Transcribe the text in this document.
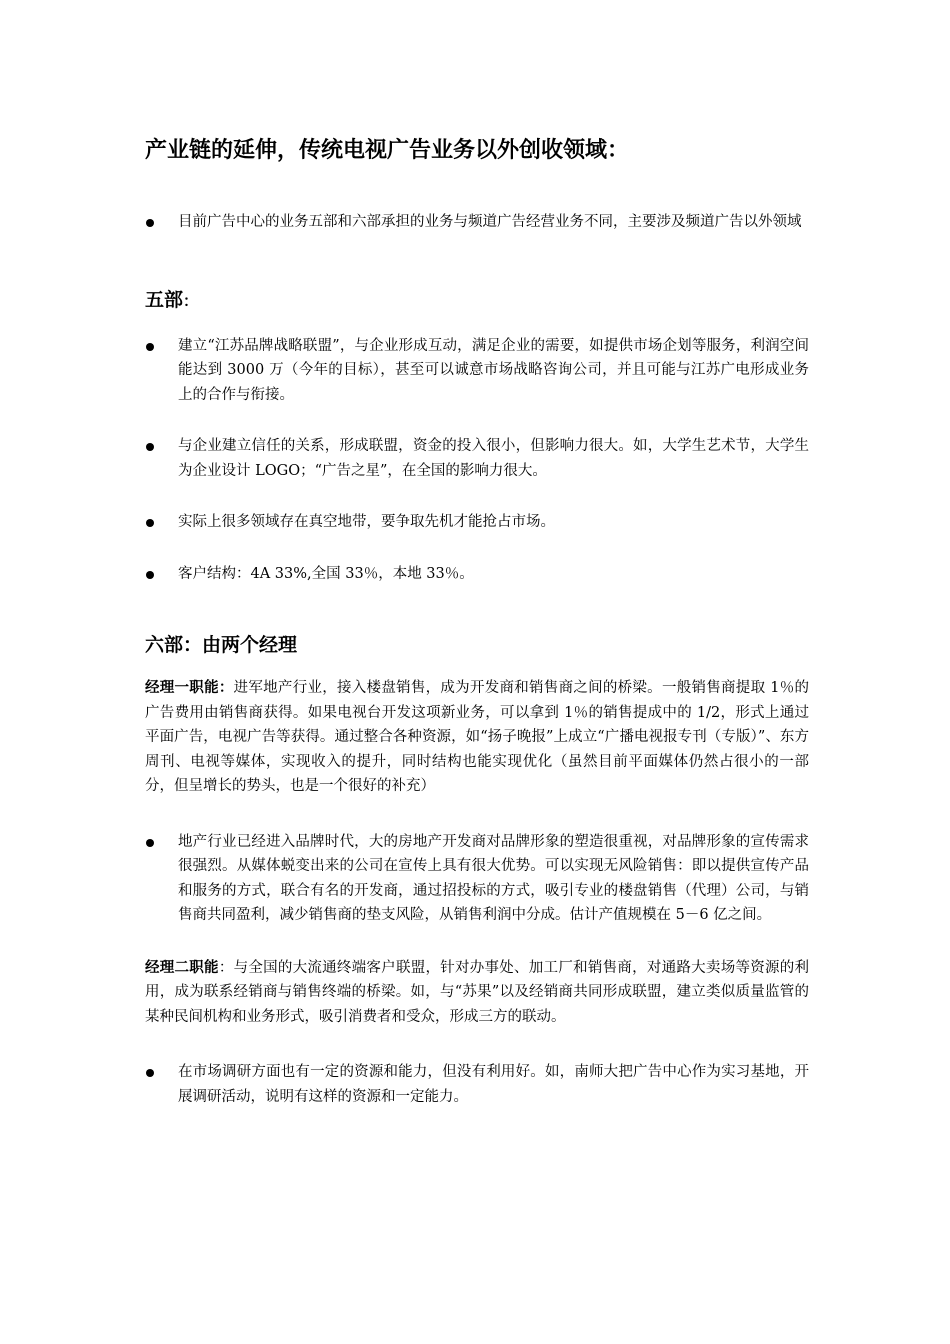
产业链的延伸，传统电视广告业务以外创收领域：
目前广告中心的业务五部和六部承担的业务与频道广告经营业务不同，主要涉及频道广告以外领域
五部：
建立“江苏品牌战略联盟”，与企业形成互动，满足企业的需要，如提供市场企划等服务，利润空间能达到 3000 万（今年的目标），甚至可以诚意市场战略咨询公司，并且可能与江苏广电形成业务上的合作与衔接。
与企业建立信任的关系，形成联盟，资金的投入很小，但影响力很大。如，大学生艺术节，大学生为企业设计 LOGO；“广告之星”，在全国的影响力很大。
实际上很多领域存在真空地带，要争取先机才能抢占市场。
客户结构：4A 33%,全国 33％，本地 33％。
六部：由两个经理

经理一职能：进军地产行业，接入楼盘销售，成为开发商和销售商之间的桥梁。一般销售商提取 1％的广告费用由销售商获得。如果电视台开发这项新业务，可以拿到 1％的销售提成中的 1/2，形式上通过平面广告，电视广告等获得。通过整合各种资源，如“扬子晚报”上成立“广播电视报专刊（专版）”、东方周刊、电视等媒体，实现收入的提升，同时结构也能实现优化（虽然目前平面媒体仍然占很小的一部分，但呈增长的势头，也是一个很好的补充）

地产行业已经进入品牌时代，大的房地产开发商对品牌形象的塑造很重视，对品牌形象的宣传需求很强烈。从媒体蜕变出来的公司在宣传上具有很大优势。可以实现无风险销售：即以提供宣传产品和服务的方式，联合有名的开发商，通过招投标的方式，吸引专业的楼盘销售（代理）公司，与销售商共同盈利，减少销售商的垫支风险，从销售利润中分成。估计产值规模在 5－6 亿之间。

经理二职能：与全国的大流通终端客户联盟，针对办事处、加工厂和销售商，对通路大卖场等资源的利用，成为联系经销商与销售终端的桥梁。如，与“苏果”以及经销商共同形成联盟，建立类似质量监管的某种民间机构和业务形式，吸引消费者和受众，形成三方的联动。

在市场调研方面也有一定的资源和能力，但没有利用好。如，南师大把广告中心作为实习基地，开展调研活动，说明有这样的资源和一定能力。
